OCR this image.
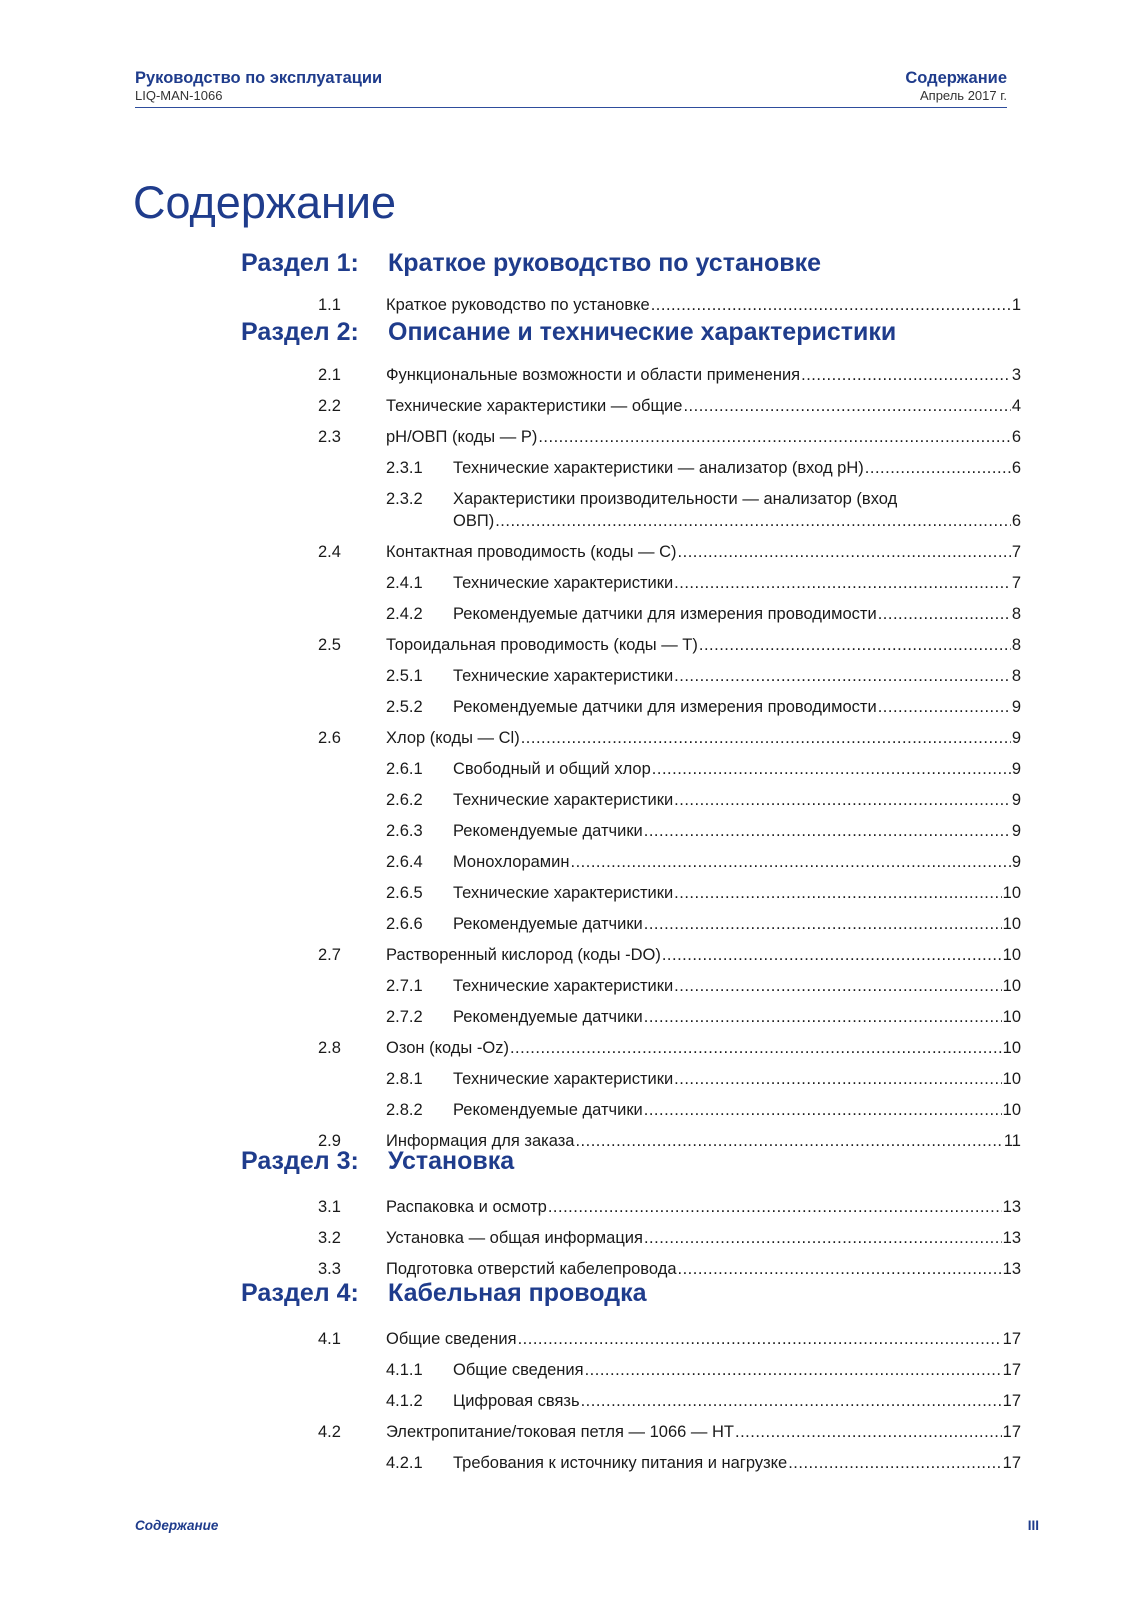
Руководство по эксплуатации
LIQ-MAN-1066
Содержание
Апрель 2017 г.
Содержание
Раздел 1: Краткое руководство по установке
Раздел 2: Описание и технические характеристики
Раздел 3: Установка
Раздел 4: Кабельная проводка
1.1	Краткое руководство по установке .....	1
2.1	Функциональные возможности и области применения .....	3
2.2	Технические характеристики — общие .....	4
2.3	pH/ОВП (коды — P) .....	6
2.3.1 Технические характеристики — анализатор (вход pH) .....	6
2.3.2 Характеристики производительности — анализатор (вход
ОВП) .....	6
2.4	Контактная проводимость (коды — C) .....	7
2.4.1 Технические характеристики .....	7
2.4.2 Рекомендуемые датчики для измерения проводимости .....	8
2.5	Тороидальная проводимость (коды — T) .....	8
2.5.1 Технические характеристики .....	8
2.5.2 Рекомендуемые датчики для измерения проводимости .....	9
2.6	Хлор (коды — Cl) .....	9
2.6.1 Свободный и общий хлор .....	9
2.6.2 Технические характеристики .....	9
2.6.3 Рекомендуемые датчики .....	9
2.6.4 Монохлорамин .....	9
2.6.5 Технические характеристики .....	10
2.6.6 Рекомендуемые датчики .....	10
2.7	Растворенный кислород (коды -DO) .....	10
2.7.1 Технические характеристики .....	10
2.7.2 Рекомендуемые датчики .....	10
2.8	Озон (коды -Oz) .....	10
2.8.1 Технические характеристики .....	10
2.8.2 Рекомендуемые датчики .....	10
2.9	Информация для заказа .....	11
3.1	Распаковка и осмотр .....	13
3.2	Установка — общая информация .....	13
3.3	Подготовка отверстий кабелепровода .....	13
4.1	Общие сведения .....	17
4.1.1 Общие сведения .....	17
4.1.2 Цифровая связь .....	17
4.2	Электропитание/токовая петля — 1066 — HT .....	17
4.2.1 Требования к источнику питания и нагрузке .....	17
Содержание	III
